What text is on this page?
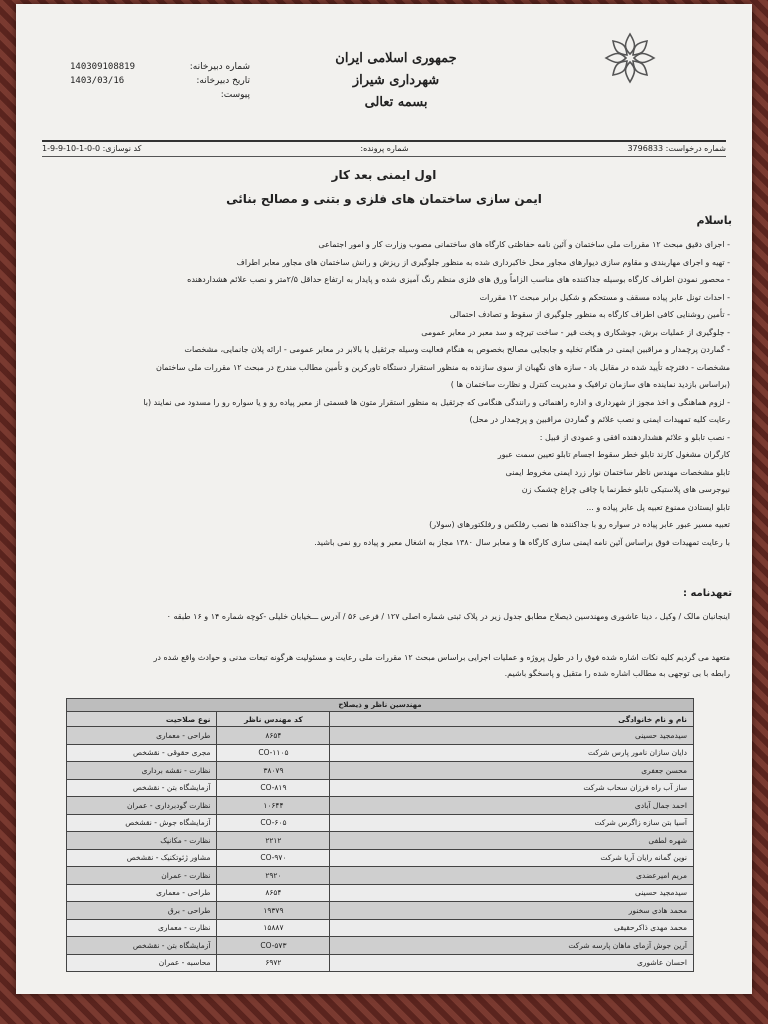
جمهوری اسلامی ایران
شهرداری شیراز
بسمه تعالی
شماره دبیرخانه:
140309108819
تاریخ دبیرخانه:
1403/03/16
پیوست:
شماره درخواست: 3796833
شماره پرونده:
کد نوسازی: 1-9-9-10-1-0-0
اول ایمنی بعد کار
ایمن سازی ساختمان های فلزی و بتنی و مصالح بنائی
باسلام

- اجرای دقیق مبحث ۱۲ مقررات ملی ساختمان و آئین نامه حفاظتی کارگاه های ساختمانی مصوب وزارت کار و امور اجتماعی

- تهیه و اجرای مهاربندی و مقاوم سازی دیوارهای مجاور محل خاکبرداری شده به منظور جلوگیری از ریزش و رانش ساختمان های مجاور معابر اطراف

- محصور نمودن اطراف کارگاه بوسیله جداکننده های مناسب الزاماً ورق های فلزی منظم رنگ آمیزی شده و پایدار به ارتفاع حداقل ۲/۵متر و نصب علائم هشداردهنده

- احداث تونل عابر پیاده مسقف و مستحکم و شکیل برابر مبحث ۱۲ مقررات

- تأمین روشنایی کافی اطراف کارگاه به منظور جلوگیری از سقوط و تصادف احتمالی

- جلوگیری از عملیات برش، جوشکاری و پخت قیر - ساخت تیرچه و سد معبر در معابر عمومی

- گماردن پرچمدار و مراقبین ایمنی در هنگام تخلیه و جابجایی مصالح بخصوص به هنگام فعالیت وسیله جرثقیل یا بالابر در معابر عمومی - ارائه پلان جانمایی، مشخصات

مشخصات - دفترچه تأیید شده در مقابل باد - سازه های نگهبان از سوی سازنده به منظور استقرار دستگاه تاورکرین و تأمین مطالب مندرج در مبحث ۱۲ مقررات ملی ساختمان

(براساس بازدید نماینده های سازمان ترافیک و مدیریت کنترل و نظارت ساختمان ها )

- لزوم هماهنگی و اخذ مجوز از شهرداری و اداره راهنمائی و رانندگی هنگامی که جرثقیل به منظور استقرار متون ها قسمتی از معبر پیاده رو و یا سواره رو را مسدود می نمایند (با

رعایت کلیه تمهیدات ایمنی و نصب علائم و گماردن مراقبین و پرچمدار در محل)

- نصب تابلو و علائم هشداردهنده افقی و عمودی از قبیل :

کارگران مشغول کارند تابلو خطر سقوط اجسام تابلو تعیین سمت عبور

تابلو مشخصات مهندس ناظر ساختمان نوار زرد ایمنی مخروط ایمنی

نیوجرسی های پلاستیکی تابلو خطرنما یا چاقی چراغ چشمک زن

تابلو ایستادن ممنوع تعبیه پل عابر پیاده و ...

تعبیه مسیر عبور عابر پیاده در سواره رو با جداکننده ها نصب رفلکس و رفلکتورهای (سولار)

با رعایت تمهیدات فوق براساس آئین نامه ایمنی سازی کارگاه ها و معابر سال ۱۳۸۰ مجاز به اشغال معبر و پیاده رو نمی باشید.

تعهدنامه :
اینجانبان مالک / وکیل ، دینا عاشوری ومهندسین ذیصلاح مطابق جدول زیر در پلاک ثبتی شماره اصلی ۱۲۷ / فرعی ۵۶ / آدرس ـــخیابان خلیلی -کوچه شماره ۱۴ و ۱۶ طبقه ۰

متعهد می گردیم کلیه نکات اشاره شده فوق را در طول پروژه و عملیات اجرایی براساس مبحث ۱۲ مقررات ملی رعایت و مسئولیت هرگونه تبعات مدنی و حوادث واقع شده در

رابطه با بی توجهی به مطالب اشاره شده را متقبل و پاسخگو باشیم.

مهندسین ناظر و ذیصلاح		
نام و نام خانوادگی	کد مهندس ناظر	نوع صلاحیت
سیدمجید حسینی	۸۶۵۴	طراحی - معماری
دایان سازان نامور پارس شرکت	CO-۱۱۰۵	مجری حقوقی - نقشخص
محسن جعفری	۳۸۰۷۹	نظارت - نقشه برداری
ساز آب راه فرزان سحاب شرکت	CO-۸۱۹	آزمایشگاه بتن - نقشخص
احمد جمال آبادی	۱۰۶۴۴	نظارت گودبرداری - عمران
آسیا بتن سازه زاگرس شرکت	CO-۶۰۵	آزمایشگاه جوش - نقشخص
شهره لطفی	۲۲۱۲	نظارت - مکانیک
نوین گمانه رایان آریا شرکت	CO-۹۷۰	مشاور ژئوتکنیک - نقشخص
مریم امیرعضدی	۲۹۲۰	نظارت - عمران
سیدمجید حسینی	۸۶۵۴	طراحی - معماری
محمد هادی سخنور	۱۹۳۷۹	طراحی - برق
محمد مهدی ذاکرحقیقی	۱۵۸۸۷	نظارت - معماری
آرین جوش آزمای ماهان پارسه شرکت	CO-۵۷۳	آزمایشگاه بتن - نقشخص
احسان عاشوری	۶۹۷۲	محاسبه - عمران
